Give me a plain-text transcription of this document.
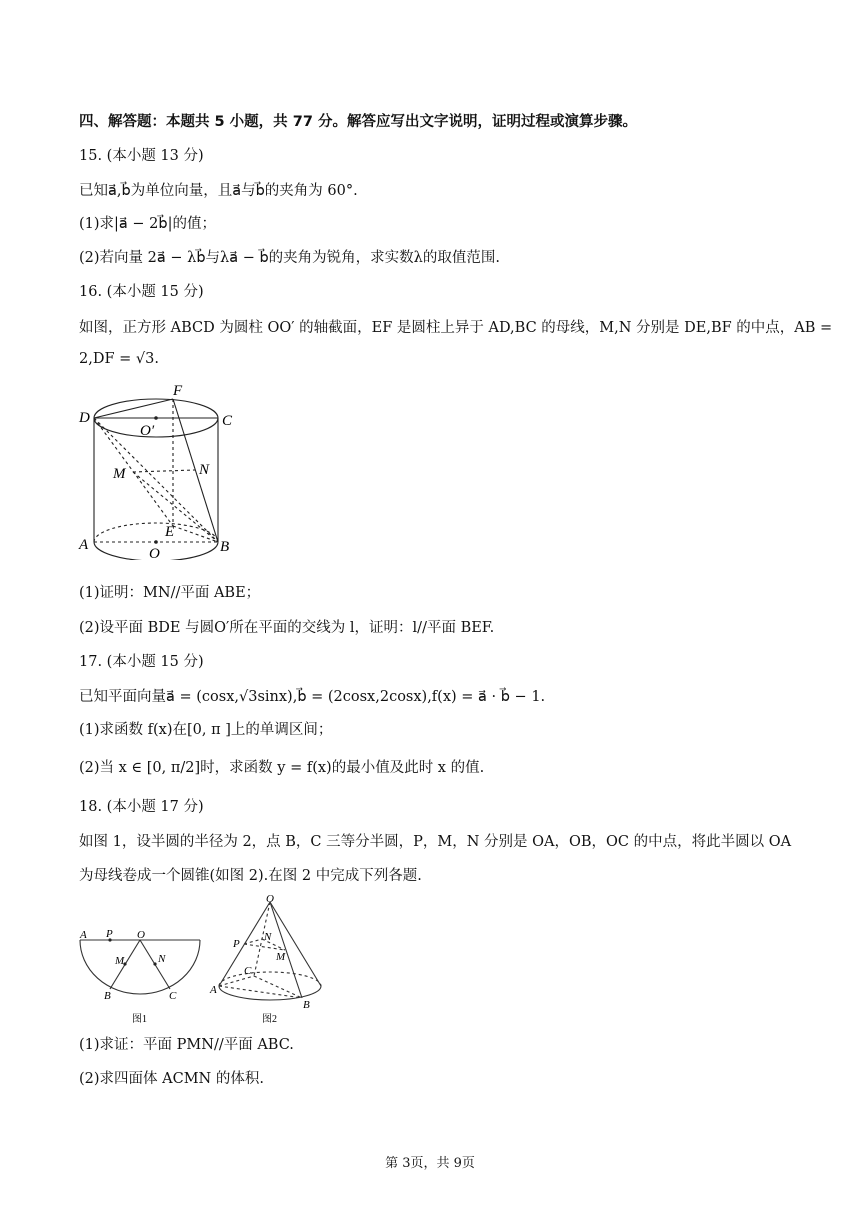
四、解答题：本题共 5 小题，共 77 分。解答应写出文字说明，证明过程或演算步骤。
15. (本小题 13 分)
已知a⃗,b⃗为单位向量，且a⃗与b⃗的夹角为 60°.
(1)求|a⃗ − 2b⃗|的值；
(2)若向量 2a⃗ − λb⃗与λa⃗ − b⃗的夹角为锐角，求实数λ的取值范围.
16. (本小题 15 分)
如图，正方形 ABCD 为圆柱 OO′ 的轴截面，EF 是圆柱上异于 AD,BC 的母线，M,N 分别是 DE,BF 的中点，AB =
2,DF = √3.
D	C
F
O′
M	N
E
A
O	B
(1)证明：MN//平面 ABE；
(2)设平面 BDE 与圆O′所在平面的交线为 l，证明：l//平面 BEF.
17. (本小题 15 分)
已知平面向量a⃗ = (cosx,√3sinx),b⃗ = (2cosx,2cosx),f(x) = a⃗ · b⃗ − 1.
(1)求函数 f(x)在[0, π ]上的单调区间；
(2)当 x ∈ [0, π/2]时，求函数 y = f(x)的最小值及此时 x 的值.
18. (本小题 17 分)
如图 1，设半圆的半径为 2，点 B，C 三等分半圆，P，M，N 分别是 OA，OB，OC 的中点，将此半圆以 OA
为母线卷成一个圆锥(如图 2).在图 2 中完成下列各题.
A P O
M	N
B	C
图1
O
P
N
M
C
A
B
图2
(1)求证：平面 PMN//平面 ABC.
(2)求四面体 ACMN 的体积.
第 3页，共 9页
